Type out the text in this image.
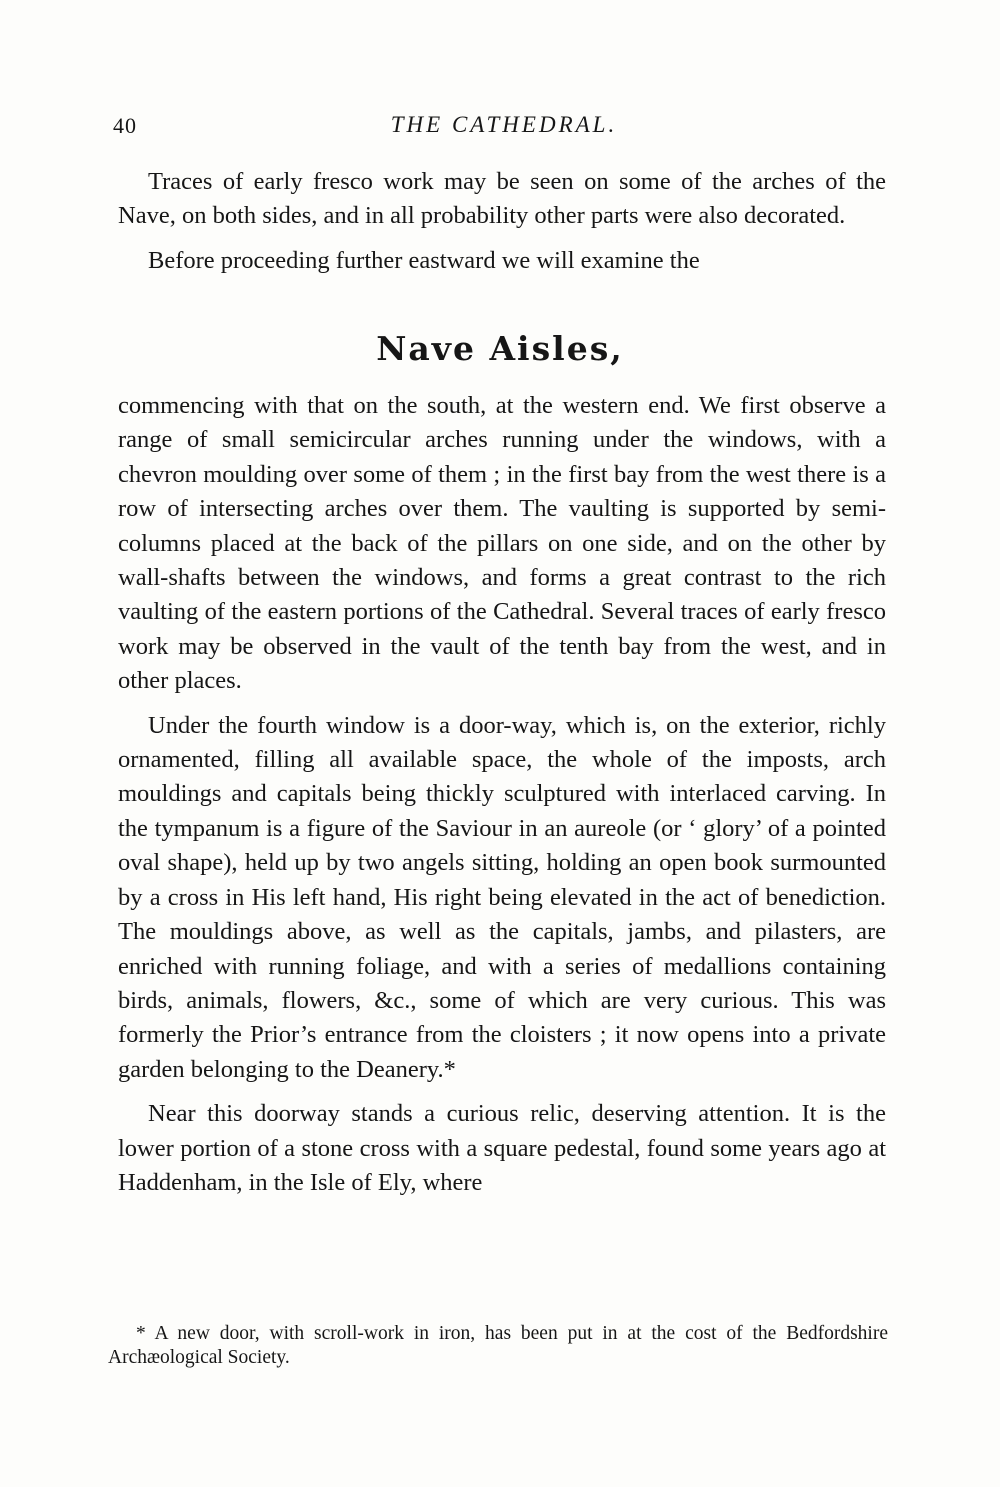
40	THE CATHEDRAL.

Traces of early fresco work may be seen on some of the arches of the Nave, on both sides, and in all probability other parts were also decorated.

Before proceeding further eastward we will examine the

Nave Aisles,

commencing with that on the south, at the western end. We first observe a range of small semicircular arches running under the windows, with a chevron moulding over some of them ; in the first bay from the west there is a row of intersecting arches over them. The vaulting is supported by semi-columns placed at the back of the pillars on one side, and on the other by wall-shafts between the windows, and forms a great contrast to the rich vaulting of the eastern portions of the Cathedral. Several traces of early fresco work may be observed in the vault of the tenth bay from the west, and in other places.

Under the fourth window is a door-way, which is, on the exterior, richly ornamented, filling all available space, the whole of the imposts, arch mouldings and capitals being thickly sculptured with interlaced carving. In the tympanum is a figure of the Saviour in an aureole (or ‘ glory’ of a pointed oval shape), held up by two angels sitting, holding an open book surmounted by a cross in His left hand, His right being elevated in the act of benediction. The mouldings above, as well as the capitals, jambs, and pilasters, are enriched with running foliage, and with a series of medallions containing birds, animals, flowers, &c., some of which are very curious. This was formerly the Prior’s entrance from the cloisters ; it now opens into a private garden belonging to the Deanery.*

Near this doorway stands a curious relic, deserving attention. It is the lower portion of a stone cross with a square pedestal, found some years ago at Haddenham, in the Isle of Ely, where

* A new door, with scroll-work in iron, has been put in at the cost of the Bedfordshire Archæological Society.
